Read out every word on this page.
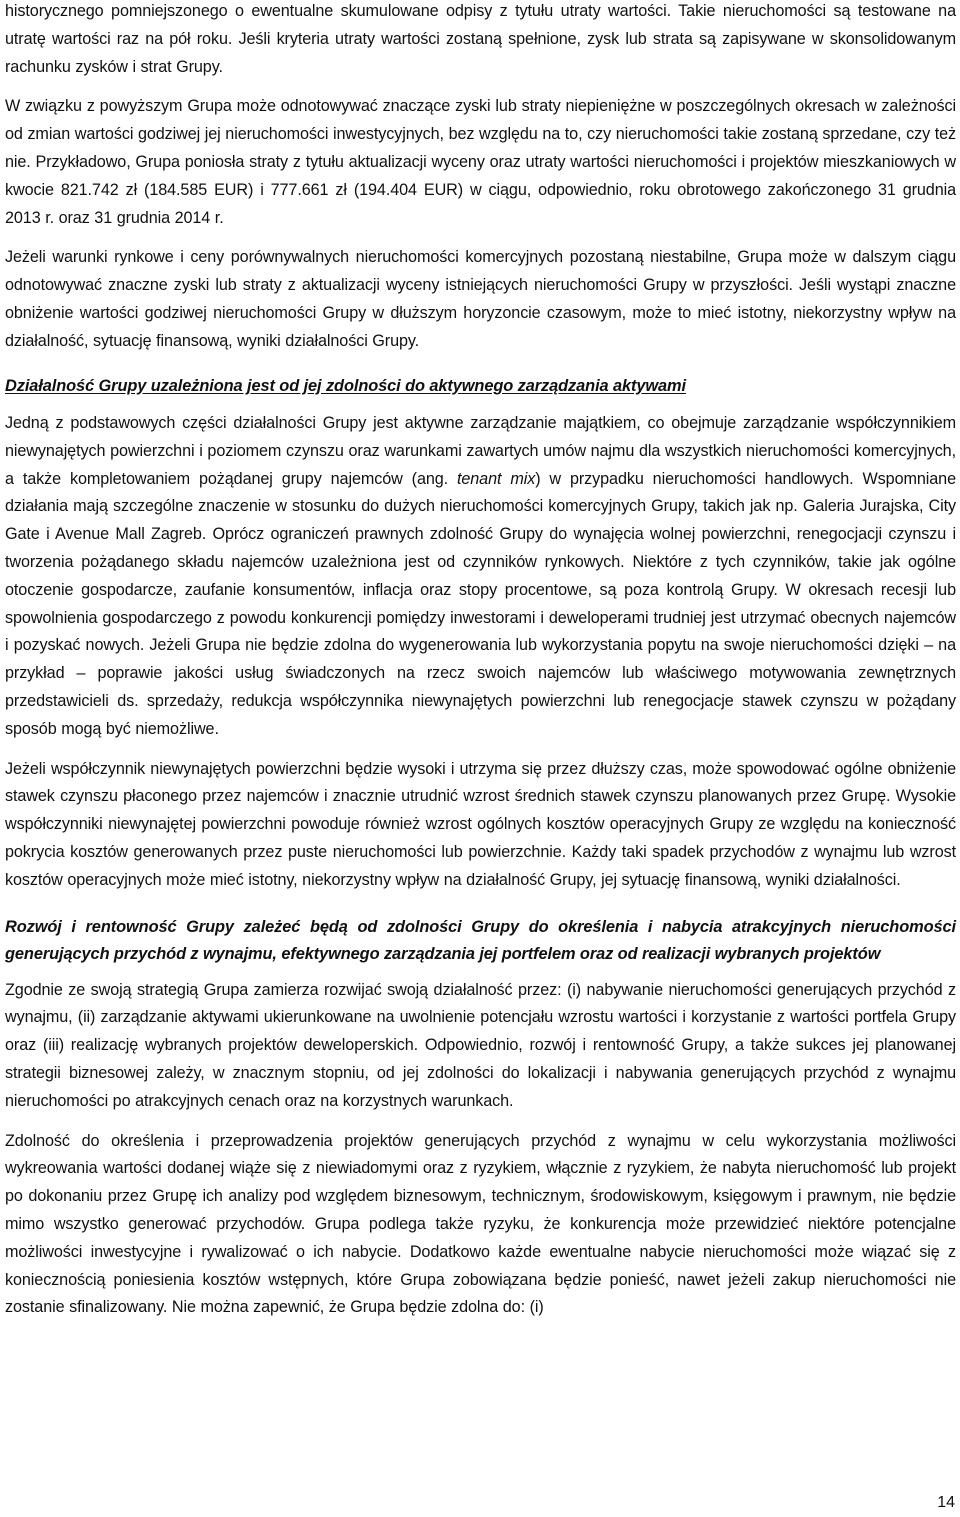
historycznego pomniejszonego o ewentualne skumulowane odpisy z tytułu utraty wartości. Takie nieruchomości są testowane na utratę wartości raz na pół roku. Jeśli kryteria utraty wartości zostaną spełnione, zysk lub strata są zapisywane w skonsolidowanym rachunku zysków i strat Grupy.

W związku z powyższym Grupa może odnotowywać znaczące zyski lub straty niepieniężne w poszczególnych okresach w zależności od zmian wartości godziwej jej nieruchomości inwestycyjnych, bez względu na to, czy nieruchomości takie zostaną sprzedane, czy też nie. Przykładowo, Grupa poniosła straty z tytułu aktualizacji wyceny oraz utraty wartości nieruchomości i projektów mieszkaniowych w kwocie 821.742 zł (184.585 EUR) i 777.661 zł (194.404 EUR) w ciągu, odpowiednio, roku obrotowego zakończonego 31 grudnia 2013 r. oraz 31 grudnia 2014 r.

Jeżeli warunki rynkowe i ceny porównywalnych nieruchomości komercyjnych pozostaną niestabilne, Grupa może w dalszym ciągu odnotowywać znaczne zyski lub straty z aktualizacji wyceny istniejących nieruchomości Grupy w przyszłości. Jeśli wystąpi znaczne obniżenie wartości godziwej nieruchomości Grupy w dłuższym horyzoncie czasowym, może to mieć istotny, niekorzystny wpływ na działalność, sytuację finansową, wyniki działalności Grupy.

Działalność Grupy uzależniona jest od jej zdolności do aktywnego zarządzania aktywami

Jedną z podstawowych części działalności Grupy jest aktywne zarządzanie majątkiem, co obejmuje zarządzanie współczynnikiem niewynajętych powierzchni i poziomem czynszu oraz warunkami zawartych umów najmu dla wszystkich nieruchomości komercyjnych, a także kompletowaniem pożądanej grupy najemców (ang. tenant mix) w przypadku nieruchomości handlowych. Wspomniane działania mają szczególne znaczenie w stosunku do dużych nieruchomości komercyjnych Grupy, takich jak np. Galeria Jurajska, City Gate i Avenue Mall Zagreb. Oprócz ograniczeń prawnych zdolność Grupy do wynajęcia wolnej powierzchni, renegocjacji czynszu i tworzenia pożądanego składu najemców uzależniona jest od czynników rynkowych. Niektóre z tych czynników, takie jak ogólne otoczenie gospodarcze, zaufanie konsumentów, inflacja oraz stopy procentowe, są poza kontrolą Grupy. W okresach recesji lub spowolnienia gospodarczego z powodu konkurencji pomiędzy inwestorami i deweloperami trudniej jest utrzymać obecnych najemców i pozyskać nowych. Jeżeli Grupa nie będzie zdolna do wygenerowania lub wykorzystania popytu na swoje nieruchomości dzięki – na przykład – poprawie jakości usług świadczonych na rzecz swoich najemców lub właściwego motywowania zewnętrznych przedstawicieli ds. sprzedaży, redukcja współczynnika niewynajętych powierzchni lub renegocjacje stawek czynszu w pożądany sposób mogą być niemożliwe.

Jeżeli współczynnik niewynajętych powierzchni będzie wysoki i utrzyma się przez dłuższy czas, może spowodować ogólne obniżenie stawek czynszu płaconego przez najemców i znacznie utrudnić wzrost średnich stawek czynszu planowanych przez Grupę. Wysokie współczynniki niewynajętej powierzchni powoduje również wzrost ogólnych kosztów operacyjnych Grupy ze względu na konieczność pokrycia kosztów generowanych przez puste nieruchomości lub powierzchnie. Każdy taki spadek przychodów z wynajmu lub wzrost kosztów operacyjnych może mieć istotny, niekorzystny wpływ na działalność Grupy, jej sytuację finansową, wyniki działalności.

Rozwój i rentowność Grupy zależeć będą od zdolności Grupy do określenia i nabycia atrakcyjnych nieruchomości generujących przychód z wynajmu, efektywnego zarządzania jej portfelem oraz od realizacji wybranych projektów

Zgodnie ze swoją strategią Grupa zamierza rozwijać swoją działalność przez: (i) nabywanie nieruchomości generujących przychód z wynajmu, (ii) zarządzanie aktywami ukierunkowane na uwolnienie potencjału wzrostu wartości i korzystanie z wartości portfela Grupy oraz (iii) realizację wybranych projektów deweloperskich. Odpowiednio, rozwój i rentowność Grupy, a także sukces jej planowanej strategii biznesowej zależy, w znacznym stopniu, od jej zdolności do lokalizacji i nabywania generujących przychód z wynajmu nieruchomości po atrakcyjnych cenach oraz na korzystnych warunkach.

Zdolność do określenia i przeprowadzenia projektów generujących przychód z wynajmu w celu wykorzystania możliwości wykreowania wartości dodanej wiąże się z niewiadomymi oraz z ryzykiem, włącznie z ryzykiem, że nabyta nieruchomość lub projekt po dokonaniu przez Grupę ich analizy pod względem biznesowym, technicznym, środowiskowym, księgowym i prawnym, nie będzie mimo wszystko generować przychodów. Grupa podlega także ryzyku, że konkurencja może przewidzieć niektóre potencjalne możliwości inwestycyjne i rywalizować o ich nabycie. Dodatkowo każde ewentualne nabycie nieruchomości może wiązać się z koniecznością poniesienia kosztów wstępnych, które Grupa zobowiązana będzie ponieść, nawet jeżeli zakup nieruchomości nie zostanie sfinalizowany. Nie można zapewnić, że Grupa będzie zdolna do: (i)

14
